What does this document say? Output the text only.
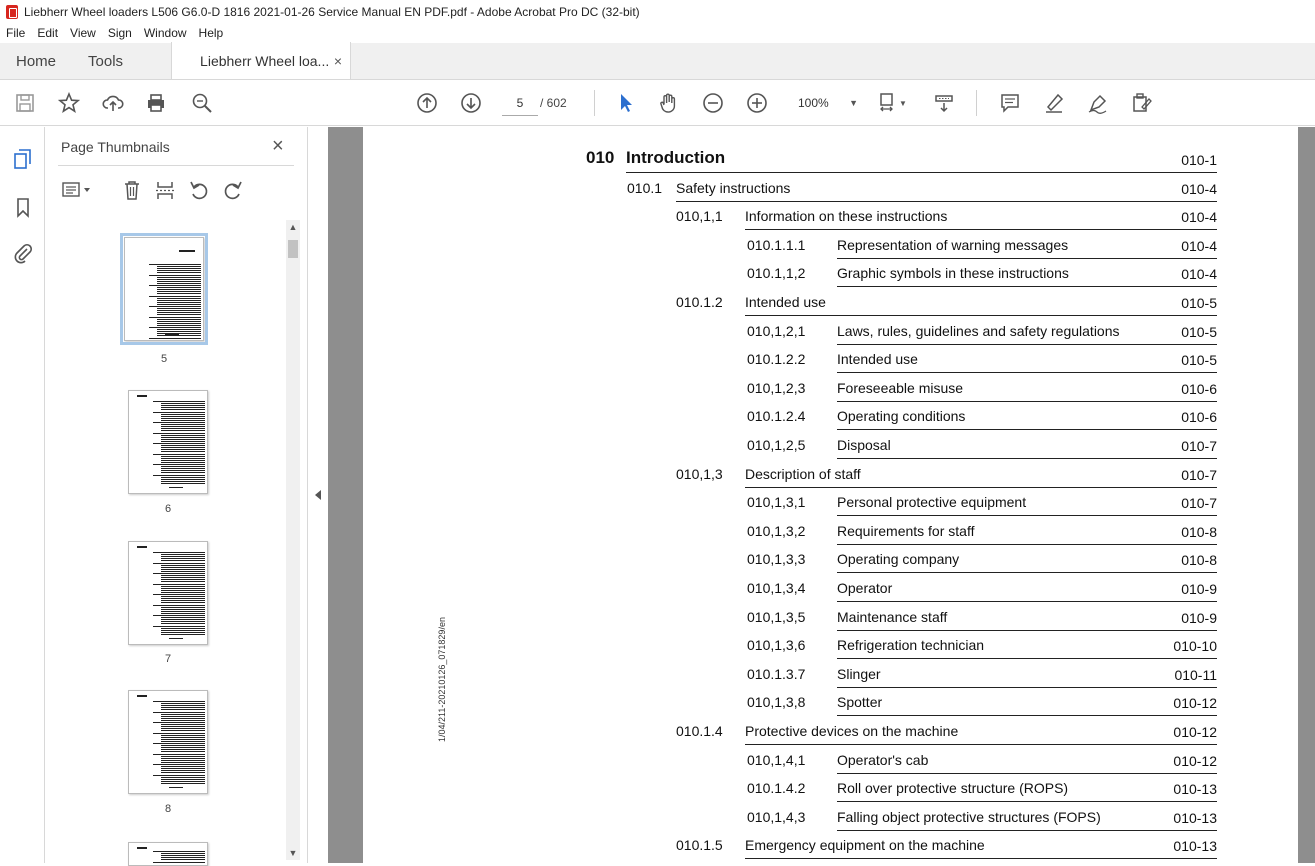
Liebherr Wheel loaders L506 G6.0-D 1816 2021-01-26 Service Manual EN PDF.pdf - Adobe Acrobat Pro DC (32-bit)
File	Edit	View	Sign	Window	Help
Home	Tools	Liebherr Wheel loa... ×
5	/ 602	100% ▼	▼
Page Thumbnails	×
5
6
7
8
▲
▼
1/04/211-20210126_071829/en
010 Introduction	010-1
010.1 Safety instructions	010-4
010,1,1 Information on these instructions	010-4
010.1.1.1 Representation of warning messages	010-4
010.1,1,2 Graphic symbols in these instructions	010-4
010.1.2 Intended use	010-5
010,1,2,1 Laws, rules, guidelines and safety regulations	010-5
010.1.2.2 Intended use	010-5
010,1,2,3 Foreseeable misuse	010-6
010.1.2.4 Operating conditions	010-6
010,1,2,5 Disposal	010-7
010,1,3 Description of staff	010-7
010,1,3,1 Personal protective equipment	010-7
010,1,3,2 Requirements for staff	010-8
010,1,3,3 Operating company	010-8
010,1,3,4 Operator	010-9
010,1,3,5 Maintenance staff	010-9
010,1,3,6 Refrigeration technician	010-10
010.1.3.7 Slinger	010-11
010,1,3,8 Spotter	010-12
010.1.4 Protective devices on the machine	010-12
010,1,4,1 Operator's cab	010-12
010.1.4.2 Roll over protective structure (ROPS)	010-13
010,1,4,3 Falling object protective structures (FOPS)	010-13
010.1.5 Emergency equipment on the machine	010-13
